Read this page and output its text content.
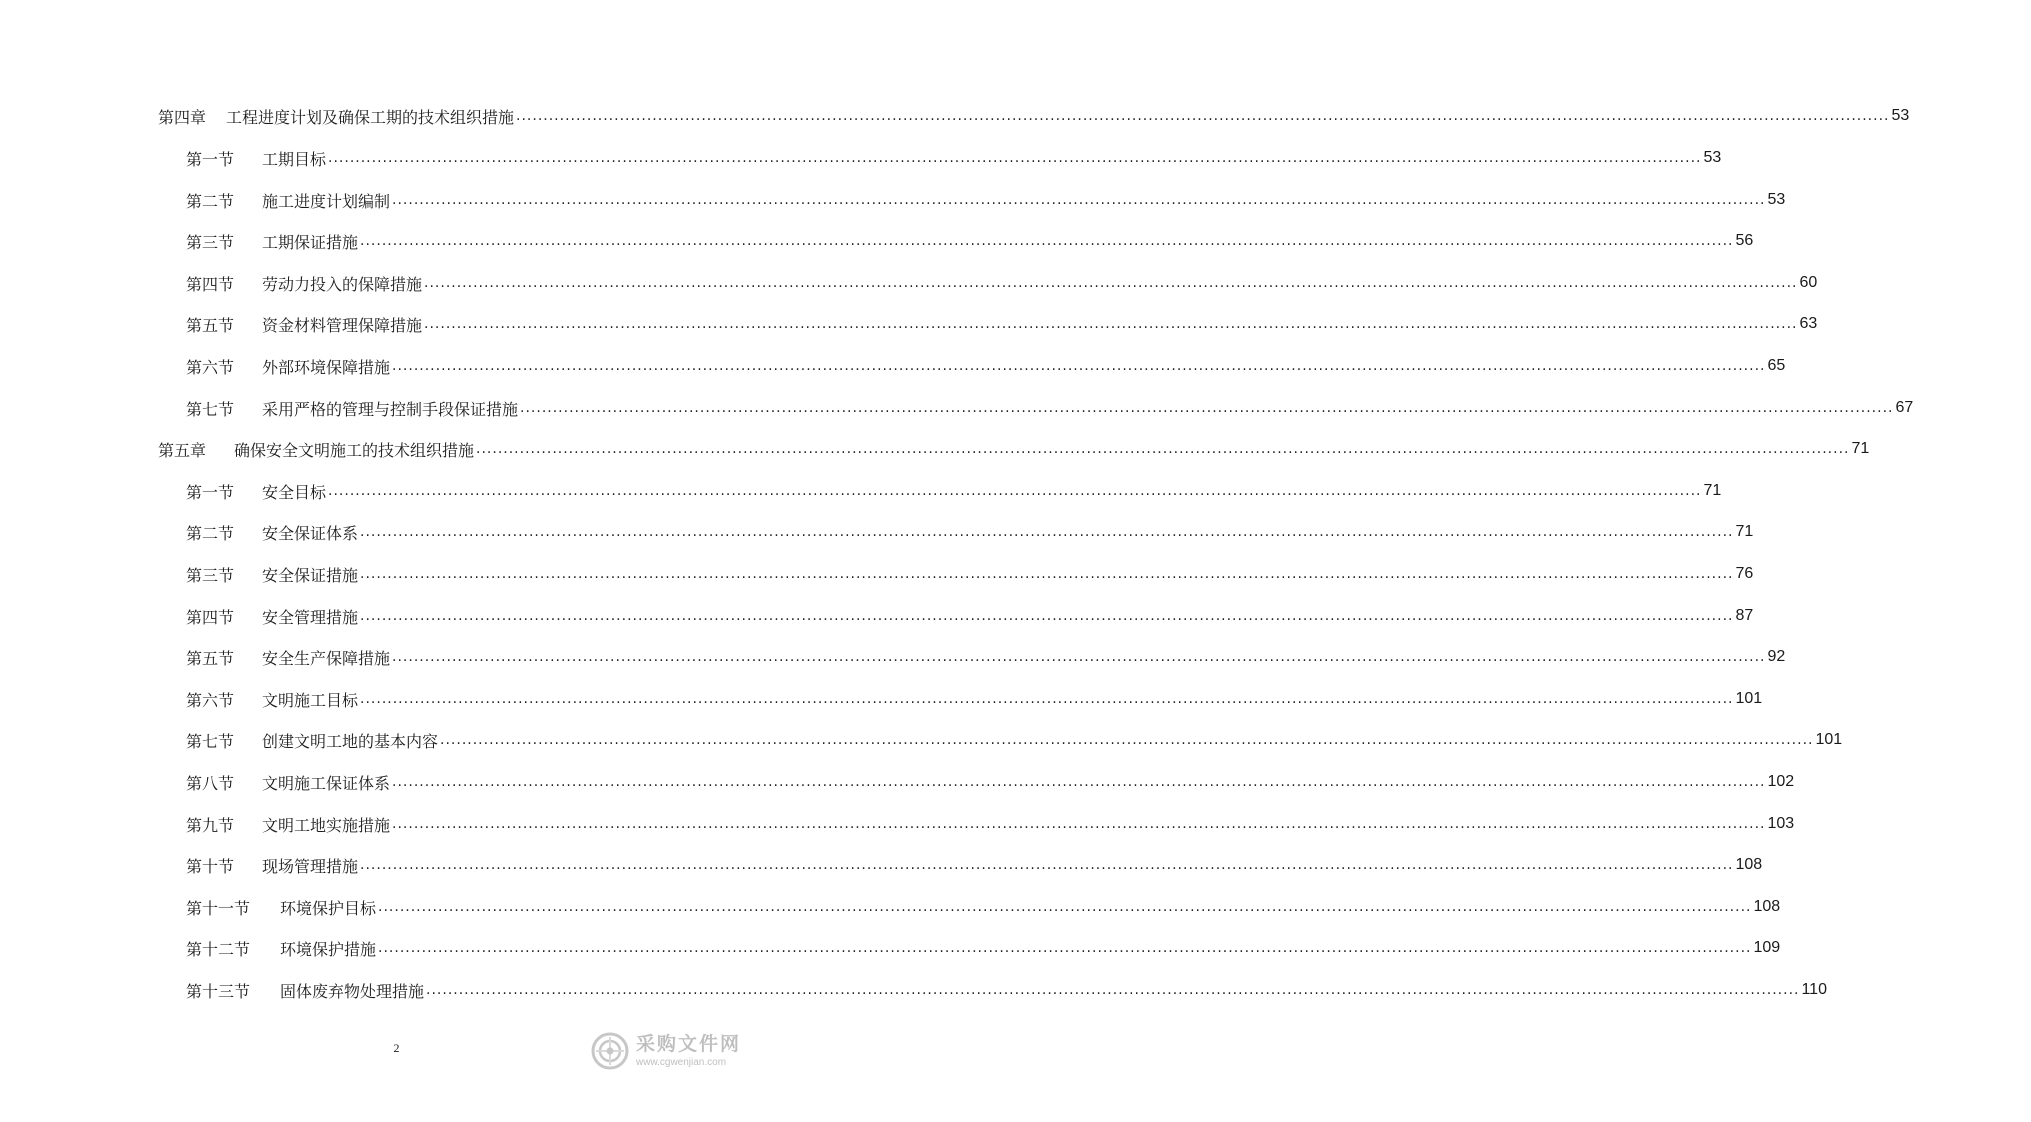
第四章	工程进度计划及确保工期的技术组织措施 .....	53
第一节	工期目标 .....	53
第二节	施工进度计划编制 .....	53
第三节	工期保证措施 .....	56
第四节	劳动力投入的保障措施 .....	60
第五节	资金材料管理保障措施 .....	63
第六节	外部环境保障措施 .....	65
第七节	采用严格的管理与控制手段保证措施 .....	67
第五章	确保安全文明施工的技术组织措施 .....	71
第一节	安全目标 .....	71
第二节	安全保证体系 .....	71
第三节	安全保证措施 .....	76
第四节	安全管理措施 .....	87
第五节	安全生产保障措施 .....	92
第六节	文明施工目标 .....	101
第七节	创建文明工地的基本内容 .....	101
第八节	文明施工保证体系 .....	102
第九节	文明工地实施措施 .....	103
第十节	现场管理措施 .....	108
第十一节	环境保护目标 .....	108
第十二节	环境保护措施 .....	109
第十三节	固体废弃物处理措施 .....	110
2	采购文件网
www.cgwenjian.com
